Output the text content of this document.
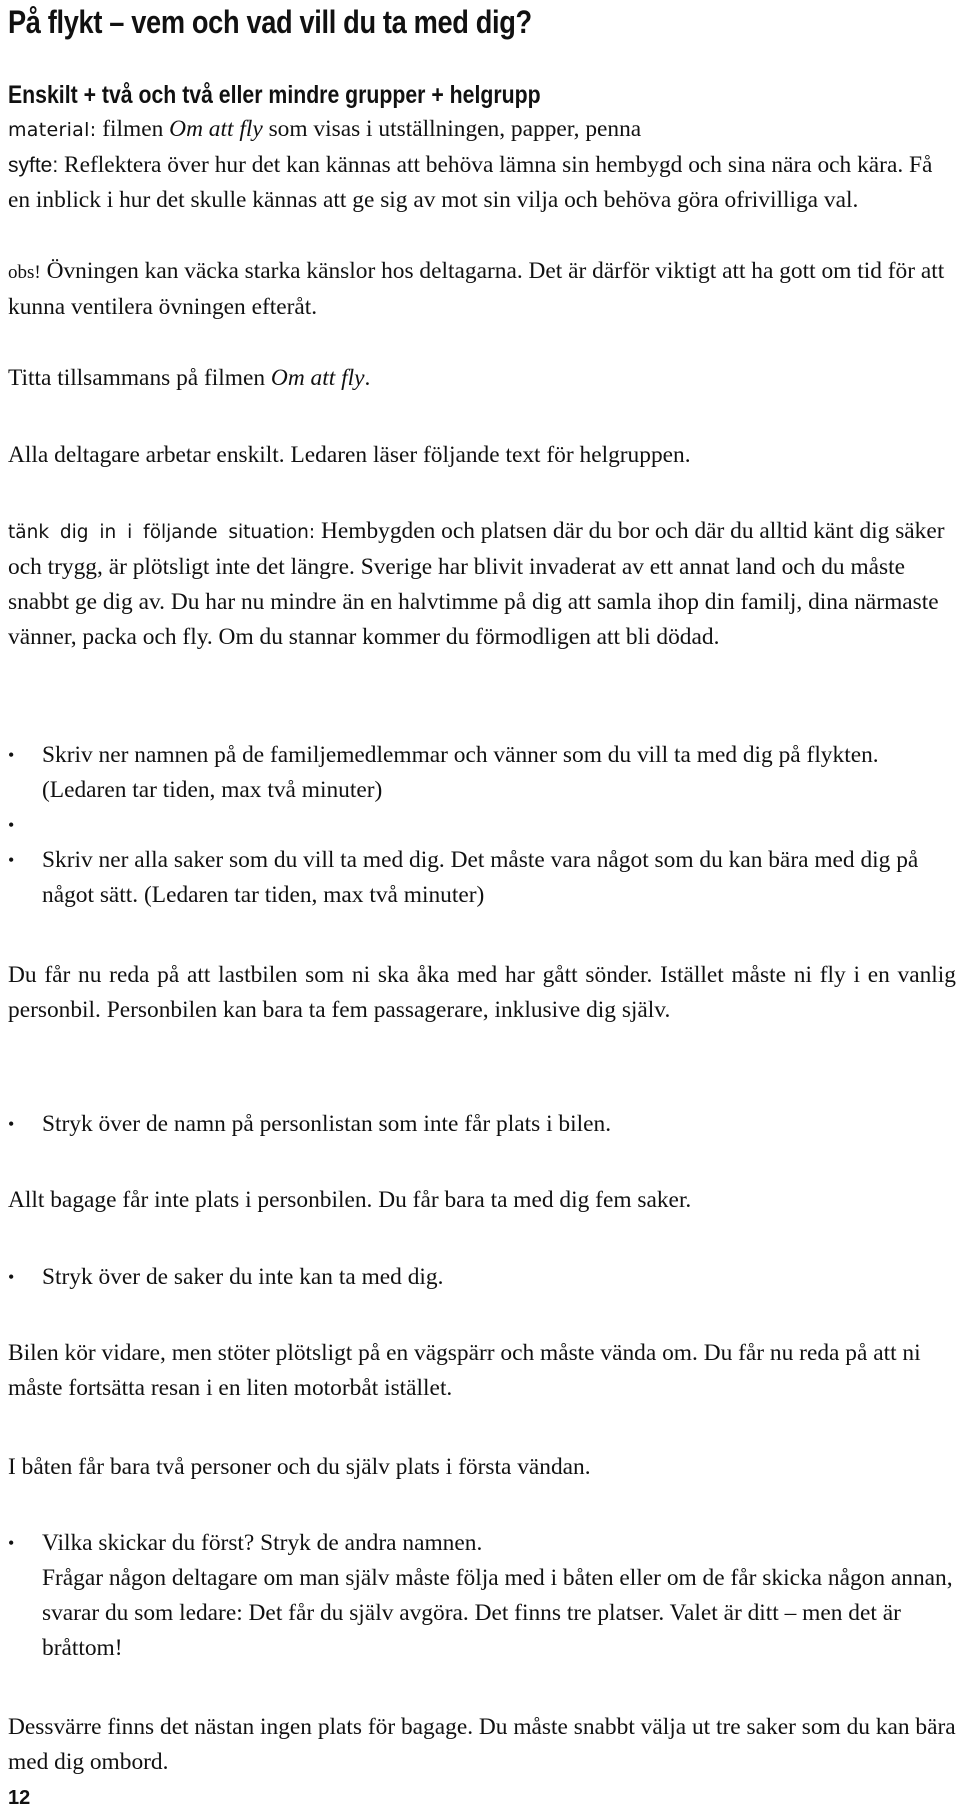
På flykt – vem och vad vill du ta med dig?
Enskilt + två och två eller mindre grupper + helgrupp

material: filmen Om att fly som visas i utställningen, papper, penna

syfte: Reflektera över hur det kan kännas att behöva lämna sin hembygd och sina nära och kära. Få en inblick i hur det skulle kännas att ge sig av mot sin vilja och behöva göra ofrivilliga val.

obs! Övningen kan väcka starka känslor hos deltagarna. Det är därför viktigt att ha gott om tid för att kunna ventilera övningen efteråt.

Titta tillsammans på filmen Om att fly.

Alla deltagare arbetar enskilt. Ledaren läser följande text för helgruppen.

tänk dig in i följande situation: Hembygden och platsen där du bor och där du alltid känt dig säker och trygg, är plötsligt inte det längre. Sverige har blivit invaderat av ett annat land och du måste snabbt ge dig av. Du har nu mindre än en halvtimme på dig att samla ihop din familj, dina närmaste vänner, packa och fly. Om du stannar kommer du förmodligen att bli dödad.

•	Skriv ner namnen på de familjemedlemmar och vänner som du vill ta med dig på flykten. (Ledaren tar tiden, max två minuter)
•
•	Skriv ner alla saker som du vill ta med dig. Det måste vara något som du kan bära med dig på något sätt. (Ledaren tar tiden, max två minuter)

Du får nu reda på att lastbilen som ni ska åka med har gått sönder. Istället måste ni fly i en vanlig personbil. Personbilen kan bara ta fem passagerare, inklusive dig själv.

•	Stryk över de namn på personlistan som inte får plats i bilen.

Allt bagage får inte plats i personbilen. Du får bara ta med dig fem saker.

•	Stryk över de saker du inte kan ta med dig.

Bilen kör vidare, men stöter plötsligt på en vägspärr och måste vända om. Du får nu reda på att ni måste fortsätta resan i en liten motorbåt istället.

I båten får bara två personer och du själv plats i första vändan.

•	Vilka skickar du först? Stryk de andra namnen.
Frågar någon deltagare om man själv måste följa med i båten eller om de får skicka någon annan, svarar du som ledare: Det får du själv avgöra. Det finns tre platser. Valet är ditt – men det är bråttom!

Dessvärre finns det nästan ingen plats för bagage. Du måste snabbt välja ut tre saker som du kan bära med dig ombord.

12
